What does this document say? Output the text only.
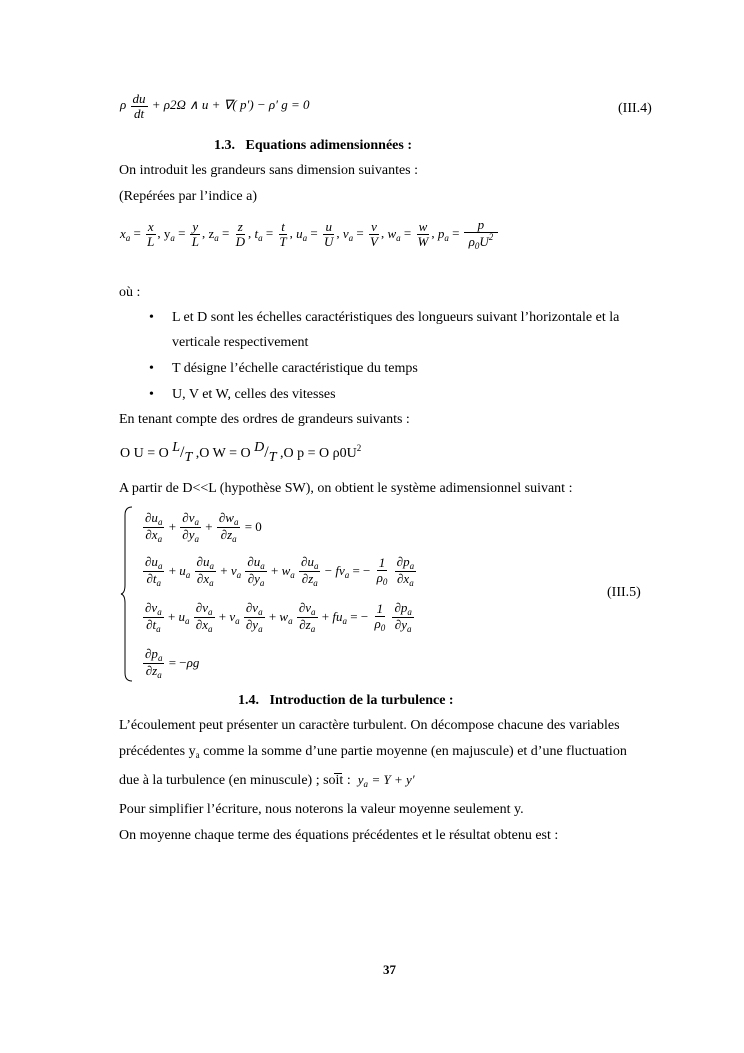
ρ $\frac{du}{dt} + \rho 2\Omega$ ∧ u + ∇( p′) − ρ′ g = 0	(III.4)
1.3. Equations adimensionnées :
On introduit les grandeurs sans dimension suivantes :
(Repérées par l’indice a)
$x_a = \frac{x}{L}$ , $y_a = \frac{y}{L}$ , $z_a = \frac{z}{D}$ , $t_a = \frac{t}{T}$ , $u_a = \frac{u}{U}$ , $v_a = \frac{v}{V}$ , $w_a = \frac{w}{W}$ , $p_a = \frac{p}{\rho_0U^2}$
où :
• L et D sont les échelles caractéristiques des longueurs suivant l’horizontale et la
verticale respectivement
• T désigne l’échelle caractéristique du temps
• U, V et W, celles des vitesses
En tenant compte des ordres de grandeurs suivants :
O U = O L/T ,O W = O D/T ,O p = O $\rho 0U^2$
A partir de D<<L (hypothèse SW), on obtient le système adimensionnel suivant :
$\frac{\partial u_a}{\partial x_a} + \frac{\partial v_a}{\partial y_a} + \frac{\partial w_a}{\partial z_a} = 0$
$\frac{\partial u_a}{\partial t_a} + u_a \frac{\partial u_a}{\partial x_a} + v_a \frac{\partial u_a}{\partial y_a} + w_a \frac{\partial u_a}{\partial z_a} - fv_a$ = − $\frac{1}{\rho_0}$
$\frac{\partial p_a}{\partial x_a}$
$\frac{\partial v_a}{\partial t_a} + u_a \frac{\partial v_a}{\partial x_a} + v_a \frac{\partial v_a}{\partial y_a} + w_a \frac{\partial v_a}{\partial z_a} + fu_a$ = − $\frac{1}{\rho_0}$
$\frac{\partial p_a}{\partial y_a}$
$\frac{\partial p_a}{\partial z_a} = -\rho g$
(III.5)
1.4. Introduction de la turbulence :
L’écoulement peut présenter un caractère turbulent. On décompose chacune des variables
précédentes $y_a$ comme la somme d’une partie moyenne (en majuscule) et d’une fluctuation
due à la turbulence (en minuscule) ; soit : $y_a = Y + y'$
Pour simplifier l’écriture, nous noterons la valeur moyenne seulement y.
On moyenne chaque terme des équations précédentes et le résultat obtenu est :
37
